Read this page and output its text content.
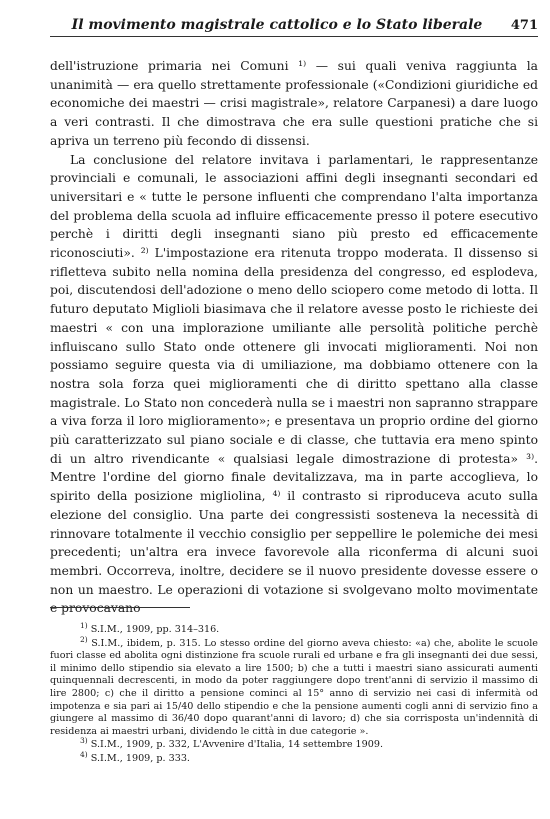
Il movimento magistrale cattolico e lo Stato liberale	471

dell'istruzione primaria nei Comuni ¹⁾ — sui quali veniva raggiunta la unanimità — era quello strettamente professionale («Condizioni giuridiche ed economiche dei maestri — crisi magistrale», relatore Carpanesi) a dare luogo a veri contrasti. Il che dimostrava che era sulle questioni pratiche che si apriva un terreno più fecondo di dissensi.

La conclusione del relatore invitava i parlamentari, le rappresentanze provinciali e comunali, le associazioni affini degli insegnanti secondari ed universitari e « tutte le persone influenti che comprendano l'alta importanza del problema della scuola ad influire efficacemente presso il potere esecutivo perchè i diritti degli insegnanti siano più presto ed efficacemente riconosciuti». ²⁾ L'impostazione era ritenuta troppo moderata. Il dissenso si rifletteva subito nella nomina della presidenza del congresso, ed esplodeva, poi, discutendosi dell'adozione o meno dello sciopero come metodo di lotta. Il futuro deputato Miglioli biasimava che il relatore avesse posto le richieste dei maestri « con una implorazione umiliante alle persolità politiche perchè influiscano sullo Stato onde ottenere gli invocati miglioramenti. Noi non possiamo seguire questa via di umiliazione, ma dobbiamo ottenere con la nostra sola forza quei miglioramenti che di diritto spettano alla classe magistrale. Lo Stato non concederà nulla se i maestri non sapranno strappare a viva forza il loro miglioramento»; e presentava un proprio ordine del giorno più caratterizzato sul piano sociale e di classe, che tuttavia era meno spinto di un altro rivendicante « qualsiasi legale dimostrazione di protesta» ³⁾. Mentre l'ordine del giorno finale devitalizzava, ma in parte accoglieva, lo spirito della posizione migliolina, ⁴⁾ il contrasto si riproduceva acuto sulla elezione del consiglio. Una parte dei congressisti sosteneva la necessità di rinnovare totalmente il vecchio consiglio per seppellire le polemiche dei mesi precedenti; un'altra era invece favorevole alla riconferma di alcuni suoi membri. Occorreva, inoltre, decidere se il nuovo presidente dovesse essere o non un maestro. Le operazioni di votazione si svolgevano molto movimentate e provocavano

$^{1)}$ S.I.M., 1909, pp. 314–316.

$^{2)}$ S.I.M., ibidem, p. 315. Lo stesso ordine del giorno aveva chiesto: «a) che, abolite le scuole fuori classe ed abolita ogni distinzione fra scuole rurali ed urbane e fra gli insegnanti dei due sessi, il minimo dello stipendio sia elevato a lire 1500; b) che a tutti i maestri siano assicurati aumenti quinquennali decrescenti, in modo da poter raggiungere dopo trent'anni di servizio il massimo di lire 2800; c) che il diritto a pensione cominci al 15° anno di servizio nei casi di infermità od impotenza e sia pari ai 15/40 dello stipendio e che la pensione aumenti cogli anni di servizio fino a giungere al massimo di 36/40 dopo quarant'anni di lavoro; d) che sia corrisposta un'indennità di residenza ai maestri urbani, dividendo le città in due categorie ».

$^{3)}$ S.I.M., 1909, p. 332, L'Avvenire d'Italia, 14 settembre 1909.

$^{4)}$ S.I.M., 1909, p. 333.
